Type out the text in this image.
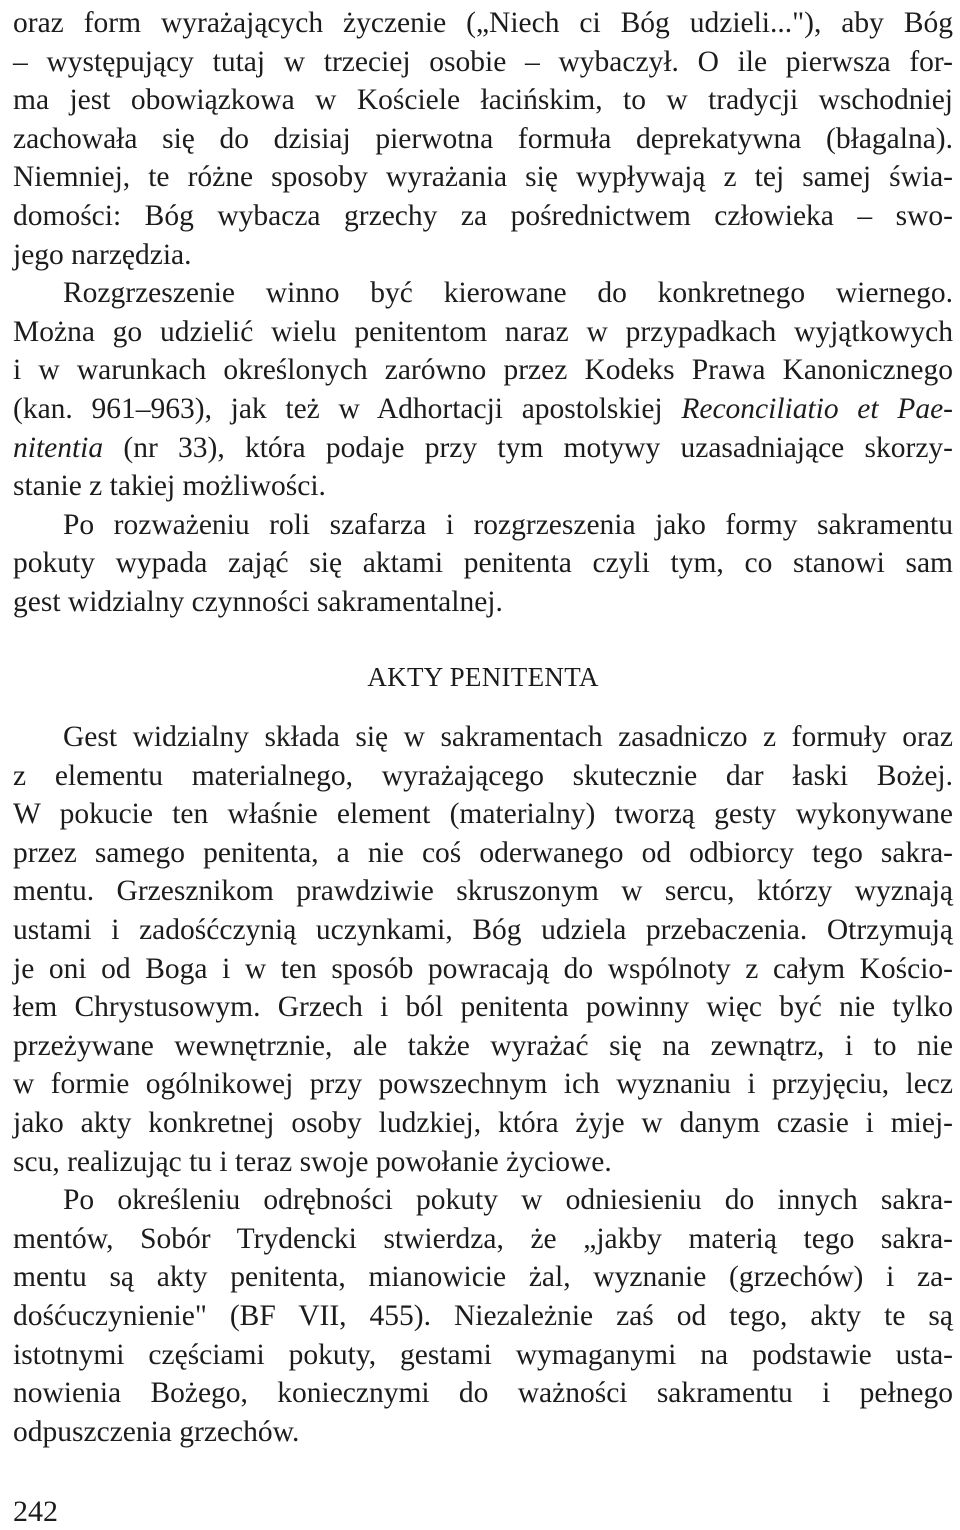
oraz form wyrażających życzenie („Niech ci Bóg udzieli..."), aby Bóg
– występujący tutaj w trzeciej osobie – wybaczył. O ile pierwsza for-
ma jest obowiązkowa w Kościele łacińskim, to w tradycji wschodniej
zachowała się do dzisiaj pierwotna formuła deprekatywna (błagalna).
Niemniej, te różne sposoby wyrażania się wypływają z tej samej świa-
domości: Bóg wybacza grzechy za pośrednictwem człowieka – swo-
jego narzędzia.
Rozgrzeszenie winno być kierowane do konkretnego wiernego.
Można go udzielić wielu penitentom naraz w przypadkach wyjątkowych
i w warunkach określonych zarówno przez Kodeks Prawa Kanonicznego
(kan. 961–963), jak też w Adhortacji apostolskiej Reconciliatio et Pae-
nitentia (nr 33), która podaje przy tym motywy uzasadniające skorzy-
stanie z takiej możliwości.
Po rozważeniu roli szafarza i rozgrzeszenia jako formy sakramentu
pokuty wypada zająć się aktami penitenta czyli tym, co stanowi sam
gest widzialny czynności sakramentalnej.
AKTY PENITENTA
Gest widzialny składa się w sakramentach zasadniczo z formuły oraz
z elementu materialnego, wyrażającego skutecznie dar łaski Bożej.
W pokucie ten właśnie element (materialny) tworzą gesty wykonywane
przez samego penitenta, a nie coś oderwanego od odbiorcy tego sakra-
mentu. Grzesznikom prawdziwie skruszonym w sercu, którzy wyznają
ustami i zadośćczynią uczynkami, Bóg udziela przebaczenia. Otrzymują
je oni od Boga i w ten sposób powracają do wspólnoty z całym Kościo-
łem Chrystusowym. Grzech i ból penitenta powinny więc być nie tylko
przeżywane wewnętrznie, ale także wyrażać się na zewnątrz, i to nie
w formie ogólnikowej przy powszechnym ich wyznaniu i przyjęciu, lecz
jako akty konkretnej osoby ludzkiej, która żyje w danym czasie i miej-
scu, realizując tu i teraz swoje powołanie życiowe.
Po określeniu odrębności pokuty w odniesieniu do innych sakra-
mentów, Sobór Trydencki stwierdza, że „jakby materią tego sakra-
mentu są akty penitenta, mianowicie żal, wyznanie (grzechów) i za-
dośćuczynienie" (BF VII, 455). Niezależnie zaś od tego, akty te są
istotnymi częściami pokuty, gestami wymaganymi na podstawie usta-
nowienia Bożego, koniecznymi do ważności sakramentu i pełnego
odpuszczenia grzechów.
242
